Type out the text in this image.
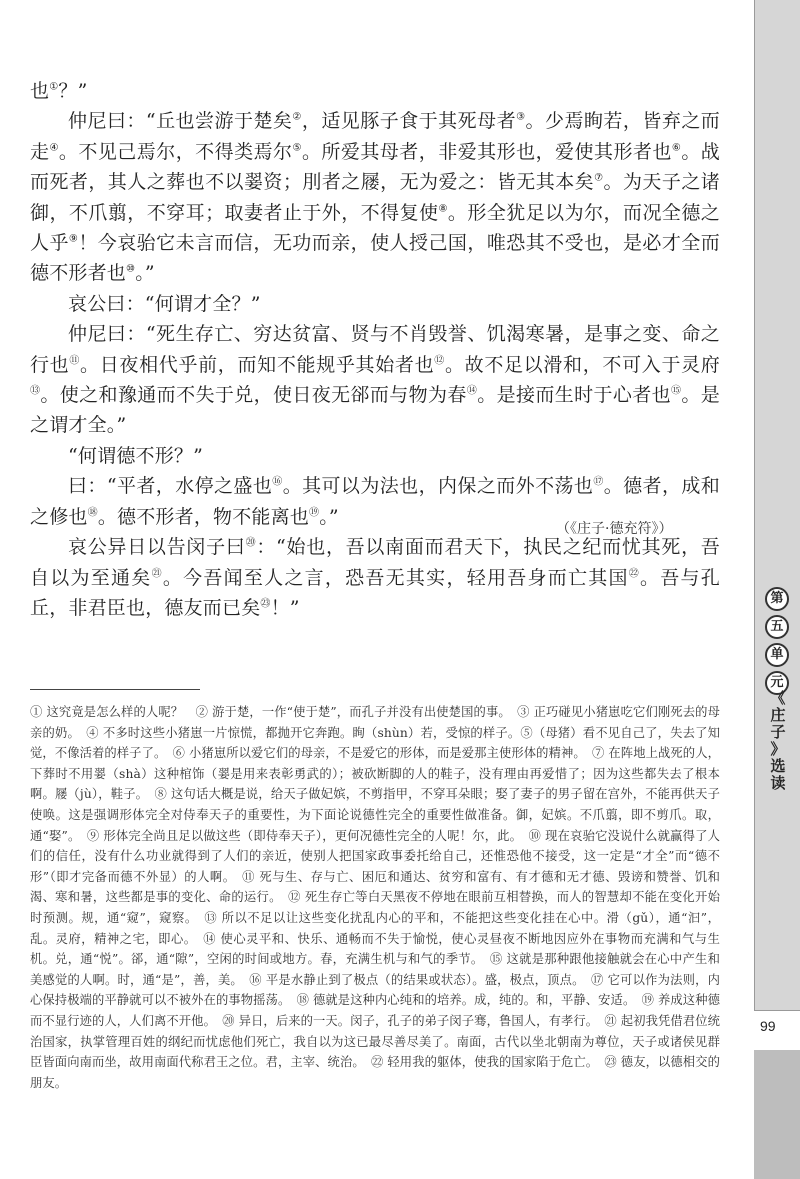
也①？”

仲尼曰：“丘也尝游于楚矣②，适见豚子食于其死母者③。少焉眴若，皆弃之而走④。不见己焉尔，不得类焉尔⑤。所爱其母者，非爱其形也，爱使其形者也⑥。战而死者，其人之葬也不以翣资；刖者之屦，无为爱之：皆无其本矣⑦。为天子之诸御，不爪翦，不穿耳；取妻者止于外，不得复使⑧。形全犹足以为尔，而况全德之人乎⑨！今哀骀它未言而信，无功而亲，使人授己国，唯恐其不受也，是必才全而德不形者也⑩。”

哀公曰：“何谓才全？”

仲尼曰：“死生存亡、穷达贫富、贤与不肖毁誉、饥渴寒暑，是事之变、命之行也⑪。日夜相代乎前，而知不能规乎其始者也⑫。故不足以滑和，不可入于灵府⑬。使之和豫通而不失于兑，使日夜无郤而与物为春⑭。是接而生时于心者也⑮。是之谓才全。”

“何谓德不形？”

曰：“平者，水停之盛也⑯。其可以为法也，内保之而外不荡也⑰。德者，成和之修也⑱。德不形者，物不能离也⑲。”

哀公异日以告闵子曰⑳：“始也，吾以南面而君天下，执民之纪而忧其死，吾自以为至通矣$^㉑$。今吾闻至人之言，恐吾无其实，轻用吾身而亡其国$^㉒$。吾与孔丘，非君臣也，德友而已矣$^㉓$！”

（《庄子·德充符》）
① 这究竟是怎么样的人呢？　② 游于楚，一作“使于楚”，而孔子并没有出使楚国的事。　③ 正巧碰见小猪崽吃它们刚死去的母亲的奶。　④ 不多时这些小猪崽一片惊慌，都抛开它奔跑。眴（shùn）若，受惊的样子。⑤（母猪）看不见自己了，失去了知觉，不像活着的样子了。　⑥ 小猪崽所以爱它们的母亲，不是爱它的形体，而是爱那主使形体的精神。　⑦ 在阵地上战死的人，下葬时不用翣（shà）这种棺饰（翣是用来表彰勇武的）；被砍断脚的人的鞋子，没有理由再爱惜了；因为这些都失去了根本啊。屦（jù），鞋子。　⑧ 这句话大概是说，给天子做妃嫔，不剪指甲，不穿耳朵眼；娶了妻子的男子留在宫外，不能再供天子使唤。这是强调形体完全对侍奉天子的重要性，为下面论说德性完全的重要性做准备。御，妃嫔。不爪翦，即不剪爪。取，通“娶”。　⑨ 形体完全尚且足以做这些（即侍奉天子），更何况德性完全的人呢！尔，此。　⑩ 现在哀骀它没说什么就赢得了人们的信任，没有什么功业就得到了人们的亲近，使别人把国家政事委托给自己，还惟恐他不接受，这一定是“才全”而“德不形”（即才完备而德不外显）的人啊。　⑪ 死与生、存与亡、困厄和通达、贫穷和富有、有才德和无才德、毁谤和赞誉、饥和渴、寒和暑，这些都是事的变化、命的运行。　⑫ 死生存亡等白天黑夜不停地在眼前互相替换，而人的智慧却不能在变化开始时预测。规，通“窥”，窥察。　⑬ 所以不足以让这些变化扰乱内心的平和，不能把这些变化挂在心中。滑（gǔ），通“汩”，乱。灵府，精神之宅，即心。　⑭ 使心灵平和、快乐、通畅而不失于愉悦，使心灵昼夜不断地因应外在事物而充满和气与生机。兑，通“悦”。郤，通“隙”，空闲的时间或地方。春，充满生机与和气的季节。　⑮ 这就是那种跟他接触就会在心中产生和美感觉的人啊。时，通“是”，善，美。　⑯ 平是水静止到了极点（的结果或状态）。盛，极点，顶点。　⑰ 它可以作为法则，内心保持极端的平静就可以不被外在的事物摇荡。　⑱ 德就是这种内心纯和的培养。成，纯的。和，平静、安适。　⑲ 养成这种德而不显行迹的人，人们离不开他。　⑳ 异日，后来的一天。闵子，孔子的弟子闵子骞，鲁国人，有孝行。　㉑ 起初我凭借君位统治国家，执掌管理百姓的纲纪而忧虑他们死亡，我自以为这已最尽善尽美了。南面，古代以坐北朝南为尊位，天子或诸侯见群臣皆面向南而坐，故用南面代称君王之位。君，主宰、统治。　㉒ 轻用我的躯体，使我的国家陷于危亡。　㉓ 德友，以德相交的朋友。
第
五
单
元
《
庄
子
》
选
读
99
